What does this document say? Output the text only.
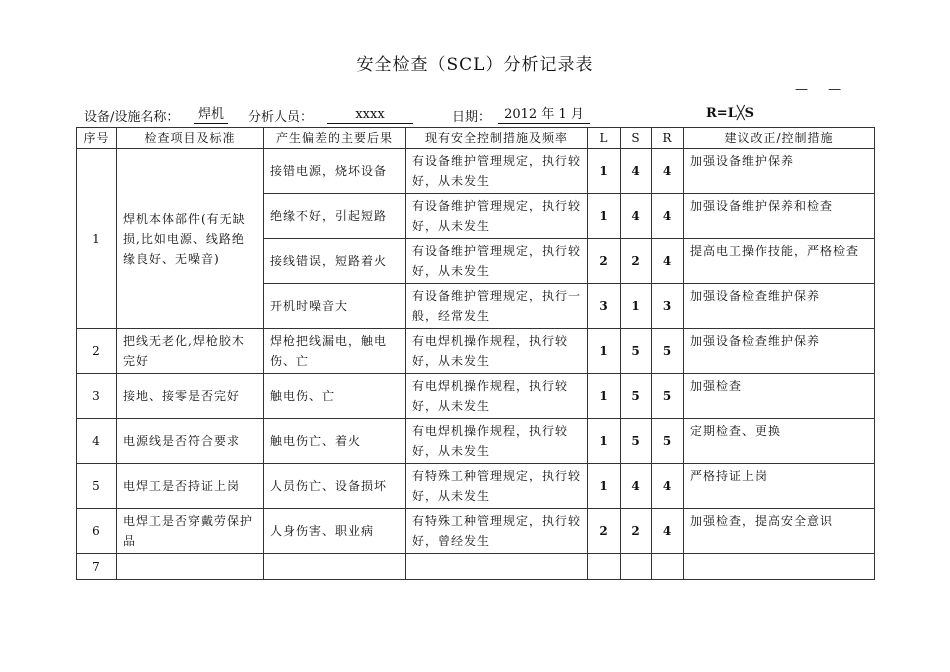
安全检查（SCL）分析记录表
— —
设备/设施名称：	焊机	分析人员：	xxxx	日期：	2012 年 1 月	R=L╳S
序号	检查项目及标准	产生偏差的主要后果	现有安全控制措施及频率	L	S	R	建议改正/控制措施
1	焊机本体部件(有无缺损,比如电源、线路绝缘良好、无噪音)	接错电源，烧坏设备	有设备维护管理规定，执行较好，从未发生	1	4	4	加强设备维护保养
		绝缘不好，引起短路	有设备维护管理规定，执行较好，从未发生	1	4	4	加强设备维护保养和检查
		接线错误，短路着火	有设备维护管理规定，执行较好，从未发生	2	2	4	提高电工操作技能，严格检查
		开机时噪音大	有设备维护管理规定，执行一般，经常发生	3	1	3	加强设备检查维护保养
2	把线无老化,焊枪胶木完好	焊枪把线漏电，触电伤、亡	有电焊机操作规程，执行较好，从未发生	1	5	5	加强设备检查维护保养
3	接地、接零是否完好	触电伤、亡	有电焊机操作规程，执行较好，从未发生	1	5	5	加强检查
4	电源线是否符合要求	触电伤亡、着火	有电焊机操作规程，执行较好，从未发生	1	5	5	定期检查、更换
5	电焊工是否持证上岗	人员伤亡、设备损坏	有特殊工种管理规定，执行较好，从未发生	1	4	4	严格持证上岗
6	电焊工是否穿戴劳保护品	人身伤害、职业病	有特殊工种管理规定，执行较好，曾经发生	2	2	4	加强检查，提高安全意识
7							
